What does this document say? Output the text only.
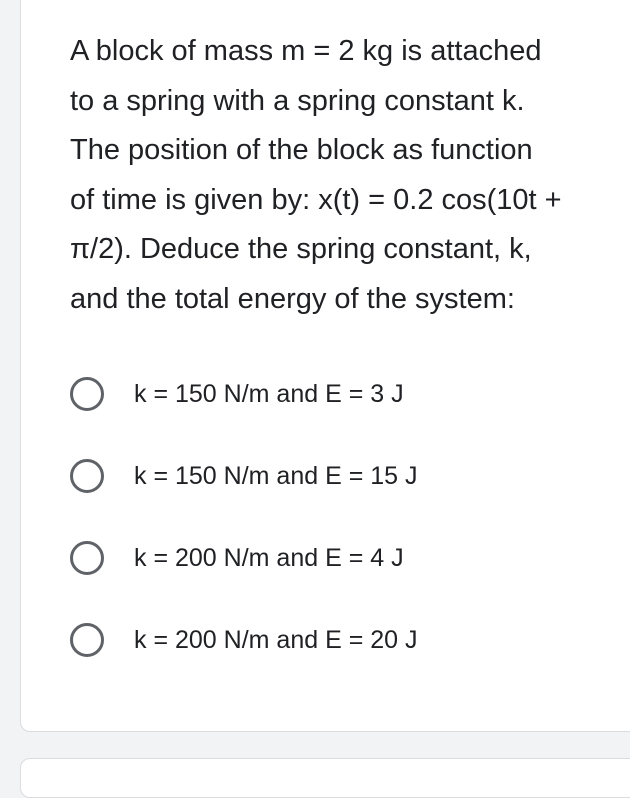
A block of mass m = 2 kg is attached
to a spring with a spring constant k.
The position of the block as function
of time is given by: x(t) = 0.2 cos(10t +
π/2). Deduce the spring constant, k,
and the total energy of the system:

k = 150 N/m and E = 3 J
k = 150 N/m and E = 15 J
k = 200 N/m and E = 4 J
k = 200 N/m and E = 20 J
